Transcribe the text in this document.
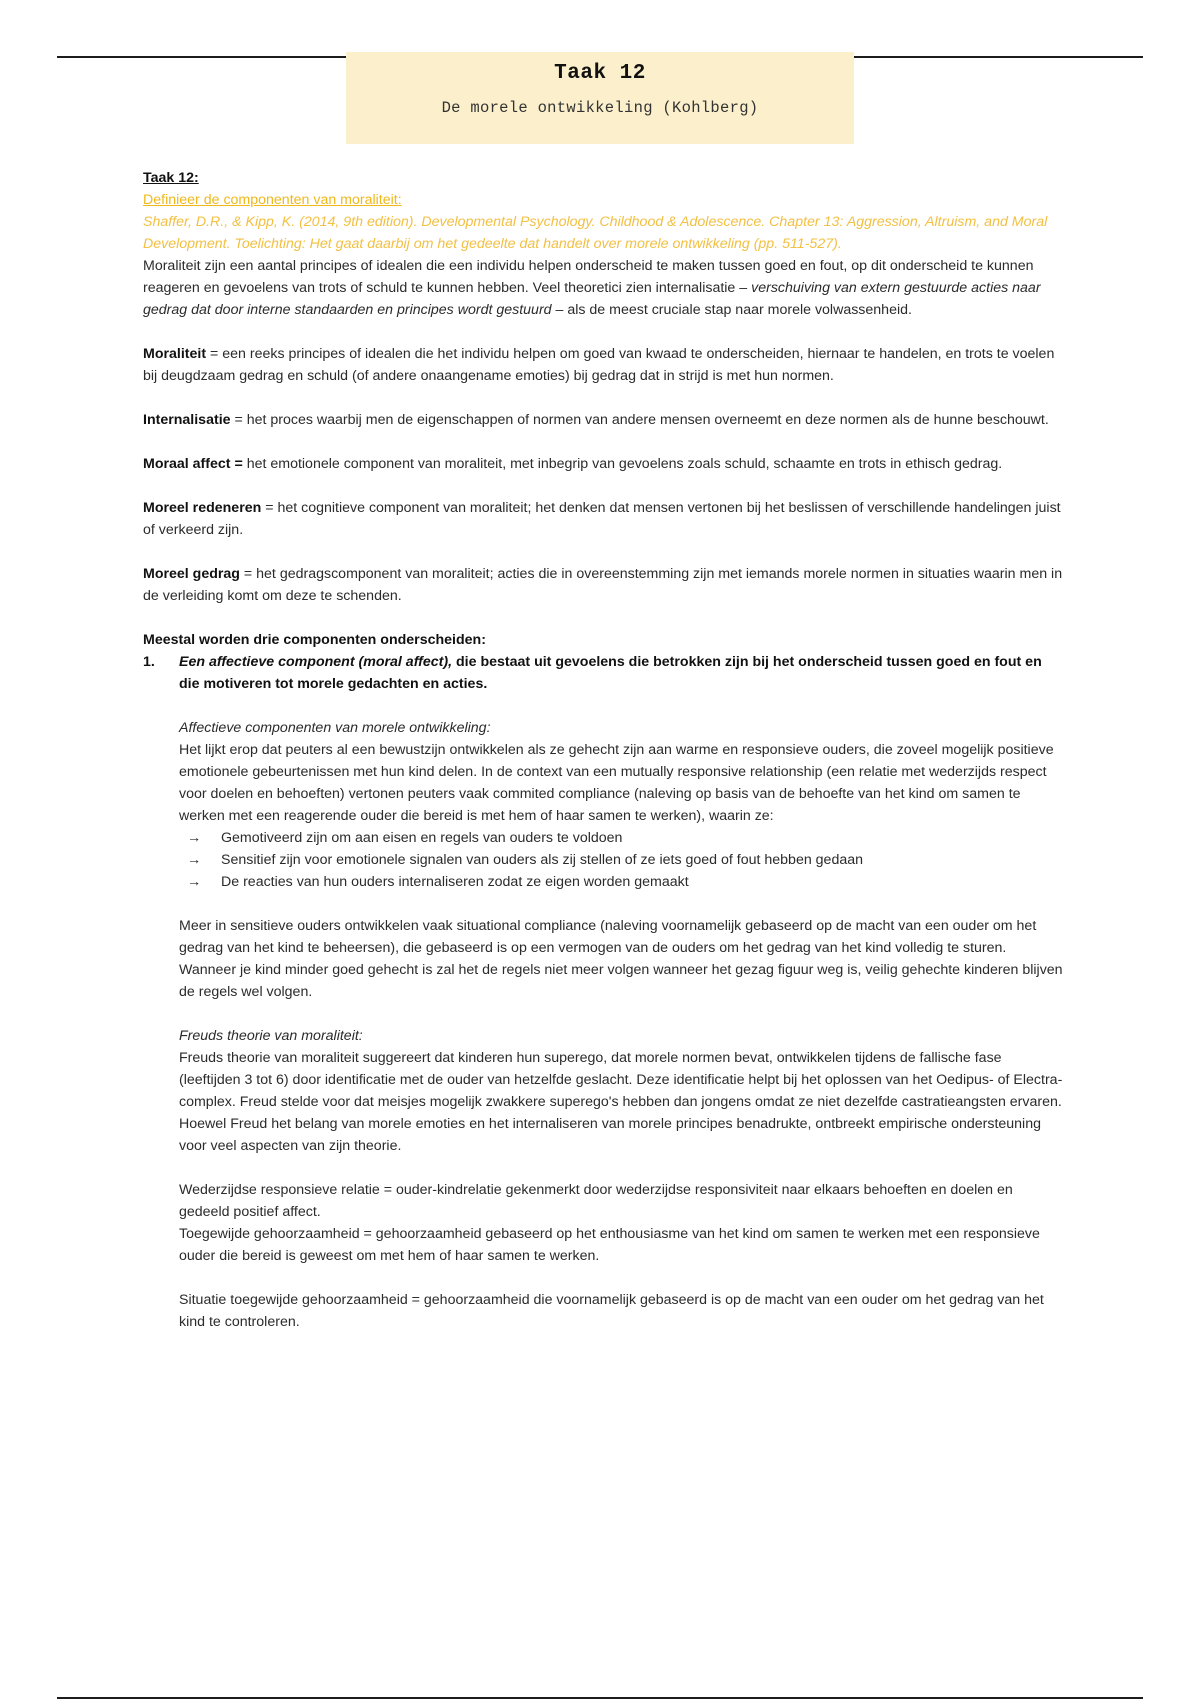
Taak 12
De morele ontwikkeling (Kohlberg)

Taak 12:

Definieer de componenten van moraliteit:

Shaffer, D.R., & Kipp, K. (2014, 9th edition). Developmental Psychology. Childhood & Adolescence. Chapter 13: Aggression, Altruism, and Moral Development. Toelichting: Het gaat daarbij om het gedeelte dat handelt over morele ontwikkeling (pp. 511-527).

Moraliteit zijn een aantal principes of idealen die een individu helpen onderscheid te maken tussen goed en fout, op dit onderscheid te kunnen reageren en gevoelens van trots of schuld te kunnen hebben. Veel theoretici zien internalisatie – verschuiving van extern gestuurde acties naar gedrag dat door interne standaarden en principes wordt gestuurd – als de meest cruciale stap naar morele volwassenheid.

Moraliteit = een reeks principes of idealen die het individu helpen om goed van kwaad te onderscheiden, hiernaar te handelen, en trots te voelen bij deugdzaam gedrag en schuld (of andere onaangename emoties) bij gedrag dat in strijd is met hun normen.

Internalisatie = het proces waarbij men de eigenschappen of normen van andere mensen overneemt en deze normen als de hunne beschouwt.

Moraal affect = het emotionele component van moraliteit, met inbegrip van gevoelens zoals schuld, schaamte en trots in ethisch gedrag.

Moreel redeneren = het cognitieve component van moraliteit; het denken dat mensen vertonen bij het beslissen of verschillende handelingen juist of verkeerd zijn.

Moreel gedrag = het gedragscomponent van moraliteit; acties die in overeenstemming zijn met iemands morele normen in situaties waarin men in de verleiding komt om deze te schenden.

Meestal worden drie componenten onderscheiden:

1.	Een affectieve component (moral affect), die bestaat uit gevoelens die betrokken zijn bij het onderscheid tussen goed en fout en die motiveren tot morele gedachten en acties.

Affectieve componenten van morele ontwikkeling:

Het lijkt erop dat peuters al een bewustzijn ontwikkelen als ze gehecht zijn aan warme en responsieve ouders, die zoveel mogelijk positieve emotionele gebeurtenissen met hun kind delen. In de context van een mutually responsive relationship (een relatie met wederzijds respect voor doelen en behoeften) vertonen peuters vaak commited compliance (naleving op basis van de behoefte van het kind om samen te werken met een reagerende ouder die bereid is met hem of haar samen te werken), waarin ze:

→	Gemotiveerd zijn om aan eisen en regels van ouders te voldoen
→	Sensitief zijn voor emotionele signalen van ouders als zij stellen of ze iets goed of fout hebben gedaan
→	De reacties van hun ouders internaliseren zodat ze eigen worden gemaakt

Meer in sensitieve ouders ontwikkelen vaak situational compliance (naleving voornamelijk gebaseerd op de macht van een ouder om het gedrag van het kind te beheersen), die gebaseerd is op een vermogen van de ouders om het gedrag van het kind volledig te sturen. Wanneer je kind minder goed gehecht is zal het de regels niet meer volgen wanneer het gezag figuur weg is, veilig gehechte kinderen blijven de regels wel volgen.

Freuds theorie van moraliteit:

Freuds theorie van moraliteit suggereert dat kinderen hun superego, dat morele normen bevat, ontwikkelen tijdens de fallische fase (leeftijden 3 tot 6) door identificatie met de ouder van hetzelfde geslacht. Deze identificatie helpt bij het oplossen van het Oedipus- of Electra-complex. Freud stelde voor dat meisjes mogelijk zwakkere superego's hebben dan jongens omdat ze niet dezelfde castratieangsten ervaren. Hoewel Freud het belang van morele emoties en het internaliseren van morele principes benadrukte, ontbreekt empirische ondersteuning voor veel aspecten van zijn theorie.

Wederzijdse responsieve relatie = ouder-kindrelatie gekenmerkt door wederzijdse responsiviteit naar elkaars behoeften en doelen en gedeeld positief affect.

Toegewijde gehoorzaamheid = gehoorzaamheid gebaseerd op het enthousiasme van het kind om samen te werken met een responsieve ouder die bereid is geweest om met hem of haar samen te werken.

Situatie toegewijde gehoorzaamheid = gehoorzaamheid die voornamelijk gebaseerd is op de macht van een ouder om het gedrag van het kind te controleren.
